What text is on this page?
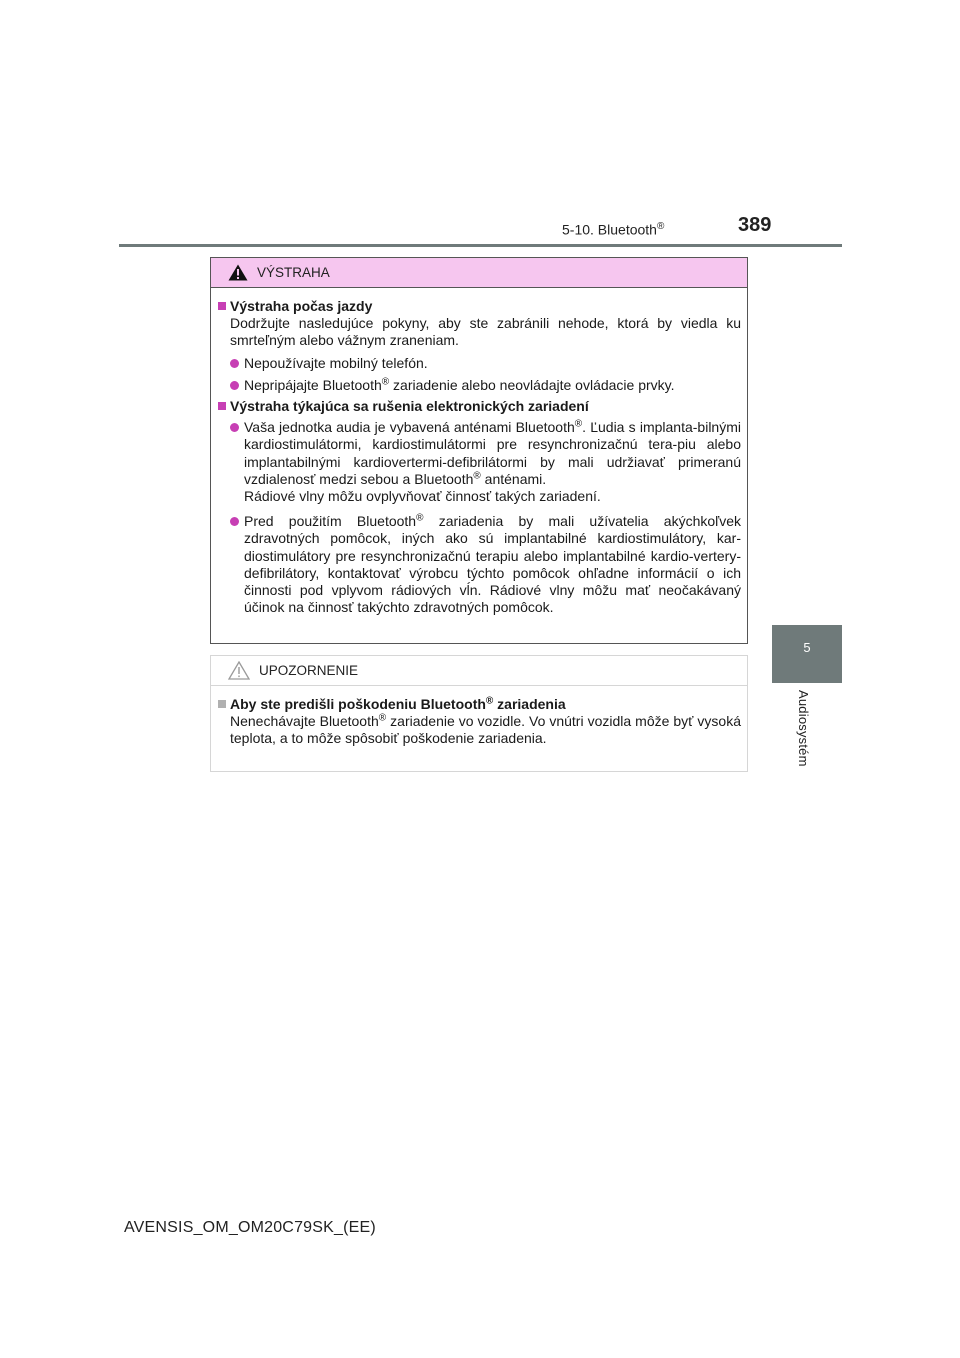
5-10. Bluetooth®	389
5
Audiosystém
VÝSTRAHA
Výstraha počas jazdy
Dodržujte nasledujúce pokyny, aby ste zabránili nehode, ktorá by viedla ku smrteľným alebo vážnym zraneniam.
Nepoužívajte mobilný telefón.
Nepripájajte Bluetooth® zariadenie alebo neovládajte ovládacie prvky.
Výstraha týkajúca sa rušenia elektronických zariadení
Vaša jednotka audia je vybavená anténami Bluetooth®. Ľudia s implanta-bilnými kardiostimulátormi, kardiostimulátormi pre resynchronizačnú tera-piu alebo implantabilnými kardiovertermi-defibrilátormi by mali udržiavať primeranú vzdialenosť medzi sebou a Bluetooth® anténami.
Rádiové vlny môžu ovplyvňovať činnosť takých zariadení.
Pred použitím Bluetooth® zariadenia by mali užívatelia akýchkoľvek zdravotných pomôcok, iných ako sú implantabilné kardiostimulátory, kar-diostimulátory pre resynchronizačnú terapiu alebo implantabilné kardio-vertery-defibrilátory, kontaktovať výrobcu týchto pomôcok ohľadne informácií o ich činnosti pod vplyvom rádiových vĺn. Rádiové vlny môžu mať neočakávaný účinok na činnosť takýchto zdravotných pomôcok.
UPOZORNENIE
Aby ste predišli poškodeniu Bluetooth® zariadenia
Nenechávajte Bluetooth® zariadenie vo vozidle. Vo vnútri vozidla môže byť vysoká teplota, a to môže spôsobiť poškodenie zariadenia.
AVENSIS_OM_OM20C79SK_(EE)
